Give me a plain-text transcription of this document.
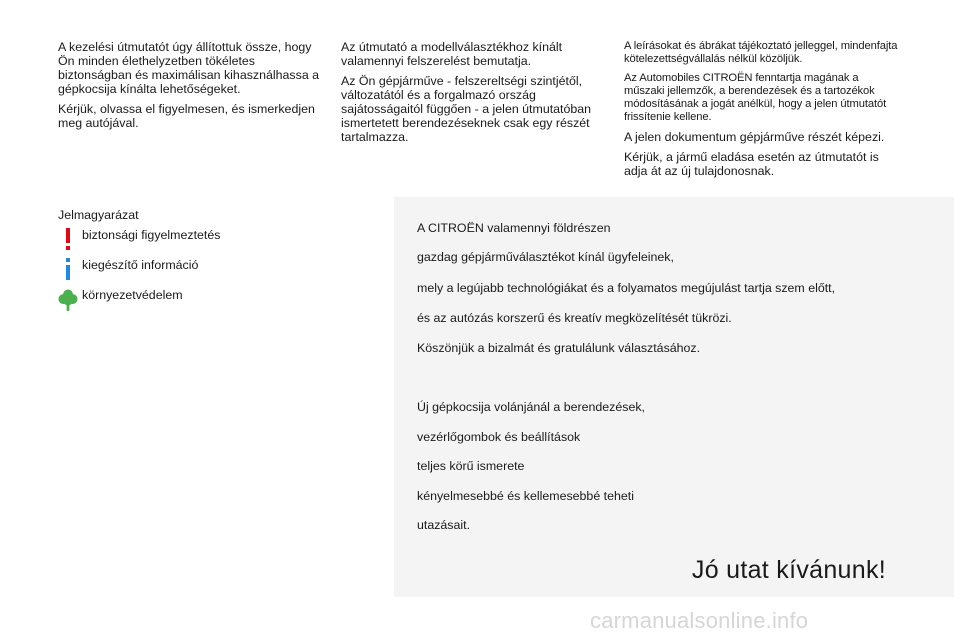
A kezelési útmutatót úgy állítottuk össze, hogy Ön minden élethelyzetben tökéletes biztonságban és maximálisan kihasználhassa a gépkocsija kínálta lehetőségeket.

Kérjük, olvassa el figyelmesen, és ismerkedjen meg autójával.

Az útmutató a modellválasztékhoz kínált valamennyi felszerelést bemutatja.

Az Ön gépjárműve - felszereltségi szintjétől, változatától és a forgalmazó ország sajátosságaitól függően - a jelen útmutatóban ismertetett berendezéseknek csak egy részét tartalmazza.

A leírásokat és ábrákat tájékoztató jelleggel, mindenfajta kötelezettségvállalás nélkül közöljük.

Az Automobiles CITROËN fenntartja magának a műszaki jellemzők, a berendezések és a tartozékok módosításának a jogát anélkül, hogy a jelen útmutatót frissítenie kellene.

A jelen dokumentum gépjárműve részét képezi.

Kérjük, a jármű eladása esetén az útmutatót is adja át az új tulajdonosnak.

Jelmagyarázat

biztonsági figyelmeztetés
kiegészítő információ
környezetvédelem

A CITROËN valamennyi földrészen

gazdag gépjárműválasztékot kínál ügyfeleinek,

mely a legújabb technológiákat és a folyamatos megújulást tartja szem előtt,

és az autózás korszerű és kreatív megközelítését tükrözi.

Köszönjük a bizalmát és gratulálunk választásához.

Új gépkocsija volánjánál a berendezések,

vezérlőgombok és beállítások

teljes körű ismerete

kényelmesebbé és kellemesebbé teheti

utazásait.

Jó utat kívánunk!
carmanualsonline.info
